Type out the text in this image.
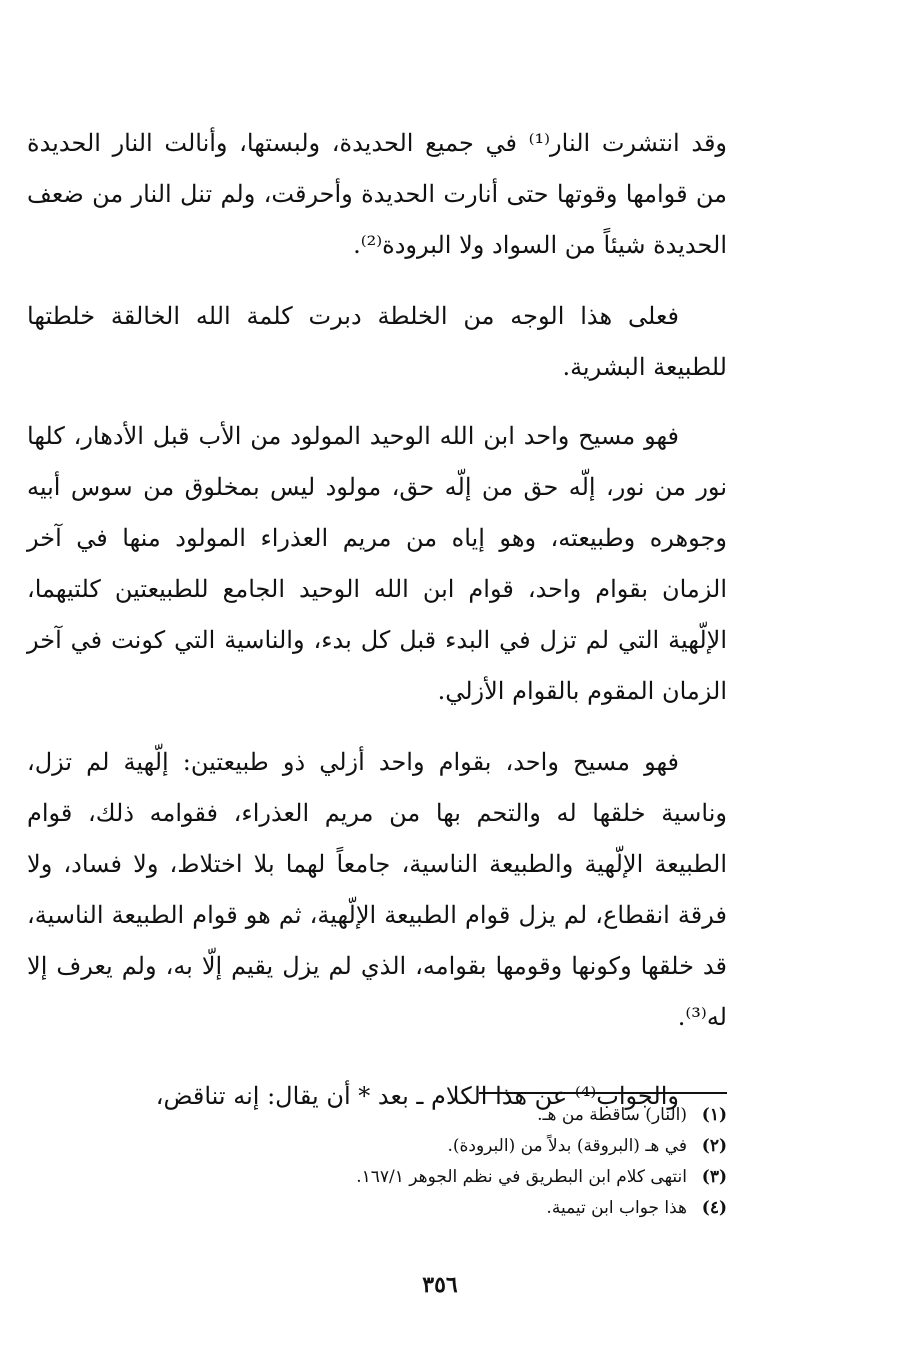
وقد انتشرت النار⁽¹⁾ في جميع الحديدة، ولبستها، وأنالت النار الحديدة من قوامها وقوتها حتى أنارت الحديدة وأحرقت، ولم تنل النار من ضعف الحديدة شيئاً من السواد ولا البرودة⁽²⁾.

فعلى هذا الوجه من الخلطة دبرت كلمة الله الخالقة خلطتها للطبيعة البشرية.

فهو مسيح واحد ابن الله الوحيد المولود من الأب قبل الأدهار، كلها نور من نور، إلّه حق من إلّه حق، مولود ليس بمخلوق من سوس أبيه وجوهره وطبيعته، وهو إياه من مريم العذراء المولود منها في آخر الزمان بقوام واحد، قوام ابن الله الوحيد الجامع للطبيعتين كلتيهما، الإلّهية التي لم تزل في البدء قبل كل بدء، والناسية التي كونت في آخر الزمان المقوم بالقوام الأزلي.

فهو مسيح واحد، بقوام واحد أزلي ذو طبيعتين: إلّهية لم تزل، وناسية خلقها له والتحم بها من مريم العذراء، فقوامه ذلك، قوام الطبيعة الإلّهية والطبيعة الناسية، جامعاً لهما بلا اختلاط، ولا فساد، ولا فرقة انقطاع، لم يزل قوام الطبيعة الإلّهية، ثم هو قوام الطبيعة الناسية، قد خلقها وكونها وقومها بقوامه، الذي لم يزل يقيم إلّا به، ولم يعرف إلا له⁽³⁾.

والجواب⁽⁴⁾ عن هذا الكلام ـ بعد * أن يقال: إنه تناقض،

(١)
(النار) ساقطة من هـ.
(٢)
في هـ (البروقة) بدلاً من (البرودة).
(٣)
انتهى كلام ابن البطريق في نظم الجوهر ١٦٧/١.
(٤)
هذا جواب ابن تيمية.
٣٥٦
